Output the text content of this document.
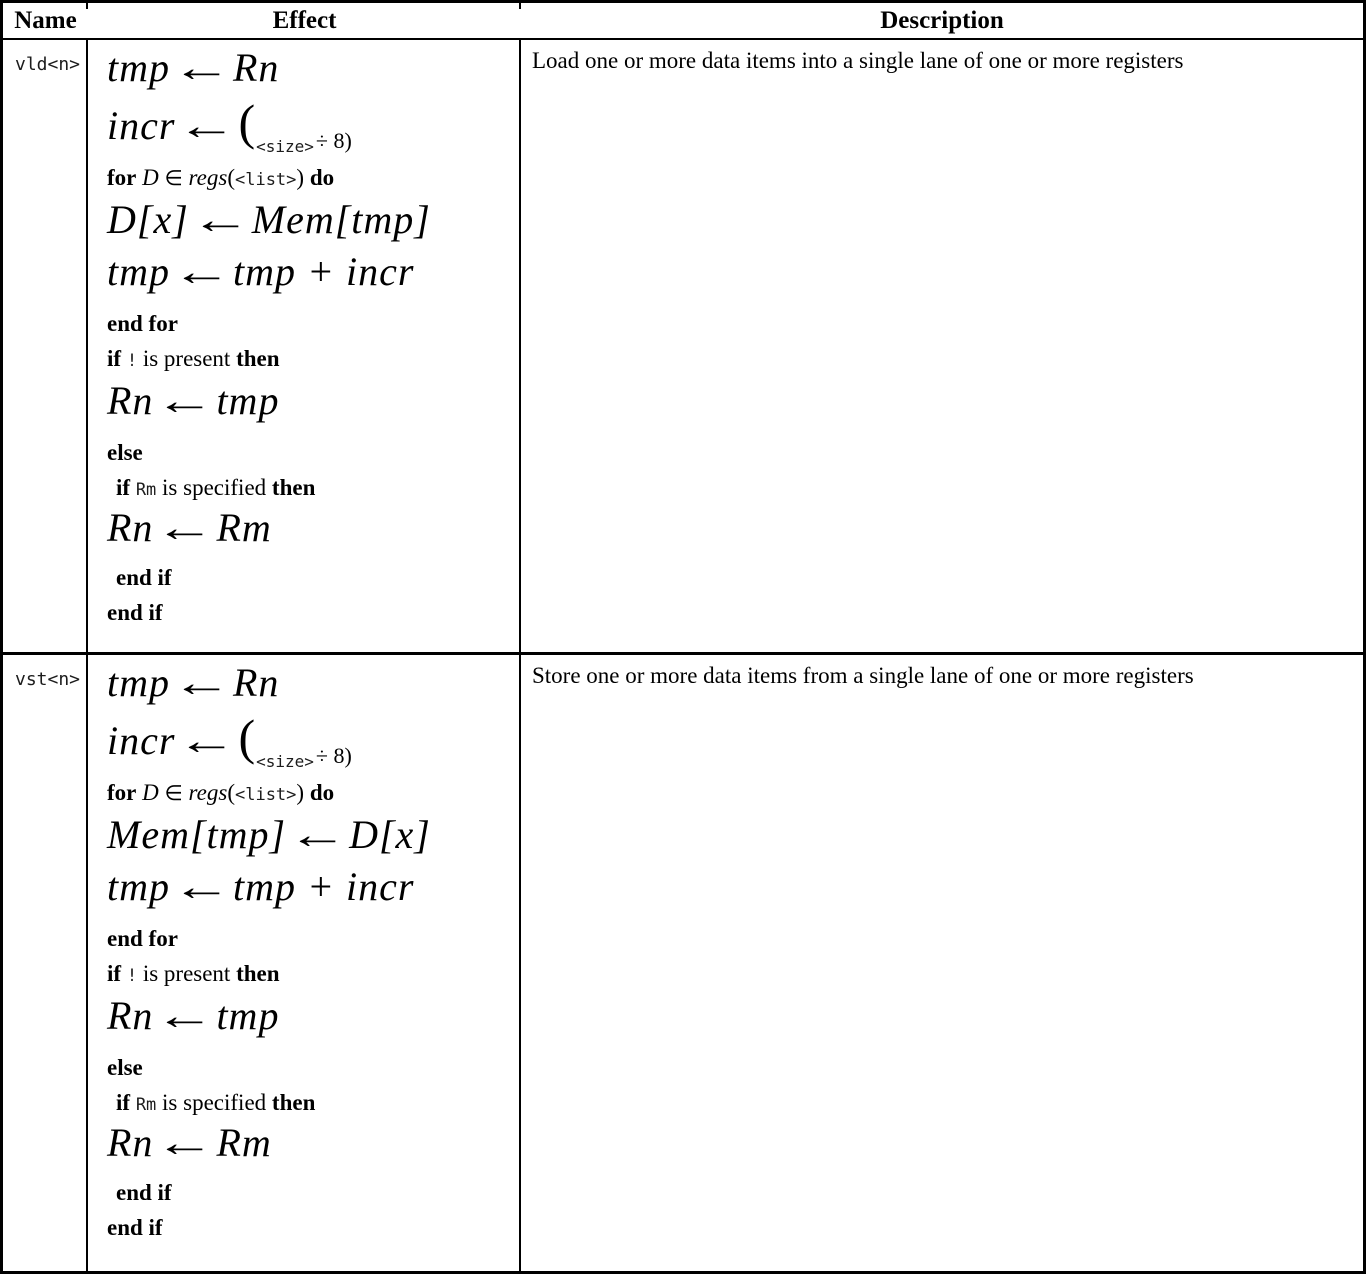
Name	Effect	Description
vld<n> tmp←Rn
incr←(<size>÷ 8)
for D ∈ regs(<list>) do
D[x]←Mem[tmp]
tmp←tmp + incr
end for
if ! is present then
Rn←tmp
else
if Rm is specified then
Rn←Rm
end if
end if
Load one or more data items into a single lane of one or more registers
vst<n> tmp←Rn
incr←(<size>÷ 8)
for D ∈ regs(<list>) do
Mem[tmp]←D[x]
tmp←tmp + incr
end for
if ! is present then
Rn←tmp
else
if Rm is specified then
Rn←Rm
end if
end if
Store one or more data items from a single lane of one or more registers
